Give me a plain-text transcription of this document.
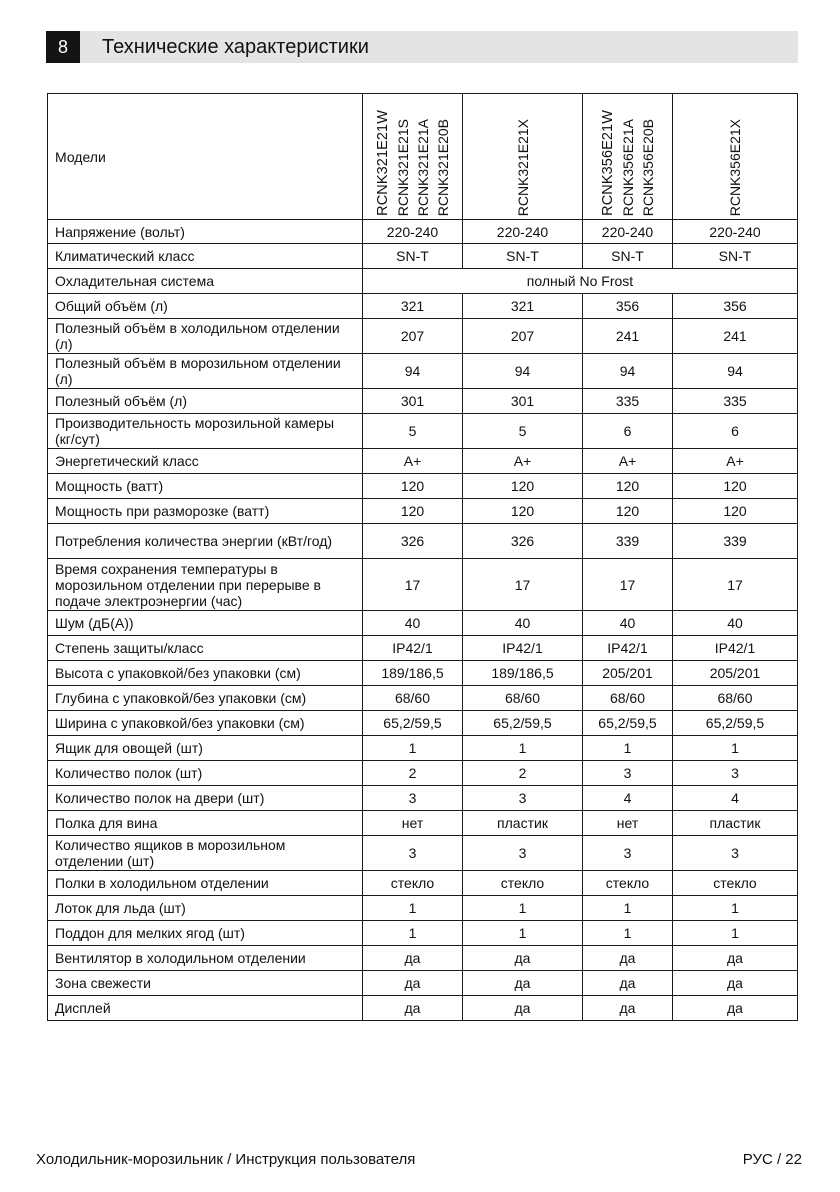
8	Технические характеристики
Модели	RCNK321E21W RCNK321E21S RCNK321E21A RCNK321E20B	RCNK321E21X	RCNK356E21W RCNK356E21A RCNK356E20B	RCNK356E21X

Напряжение (вольт)	220-240	220-240	220-240	220-240
Климатический класс	SN-T	SN-T	SN-T	SN-T
Охладительная система	полный No Frost			
Общий объём (л)	321	321	356	356
Полезный объём в холодильном отделении (л)	207	207	241	241
Полезный объём в морозильном отделении (л)	94	94	94	94
Полезный объём (л)	301	301	335	335
Производительность морозильной камеры (кг/сут)	5	5	6	6
Энергетический класс	A+	A+	A+	A+
Мощность (ватт)	120	120	120	120
Мощность при разморозке (ватт)	120	120	120	120
Потребления количества энергии (кВт/год)	326	326	339	339
Время сохранения температуры в морозильном отделении при перерыве в подаче электроэнергии (час)	17	17	17	17
Шум (дБ(А))	40	40	40	40
Степень защиты/класс	IP42/1	IP42/1	IP42/1	IP42/1
Высота с упаковкой/без упаковки (см)	189/186,5	189/186,5	205/201	205/201
Глубина с упаковкой/без упаковки (см)	68/60	68/60	68/60	68/60
Ширина с упаковкой/без упаковки (см)	65,2/59,5	65,2/59,5	65,2/59,5	65,2/59,5
Ящик для овощей (шт)	1	1	1	1
Количество полок (шт)	2	2	3	3
Количество полок на двери (шт)	3	3	4	4
Полка для вина	нет	пластик	нет	пластик
Количество ящиков в морозильном отделении (шт)	3	3	3	3
Полки в холодильном отделении	стекло	стекло	стекло	стекло
Лоток для льда (шт)	1	1	1	1
Поддон для мелких ягод (шт)	1	1	1	1
Вентилятор в холодильном отделении	да	да	да	да
Зона свежести	да	да	да	да
Дисплей	да	да	да	да
Холодильник-морозильник / Инструкция пользователя	РУС / 22
